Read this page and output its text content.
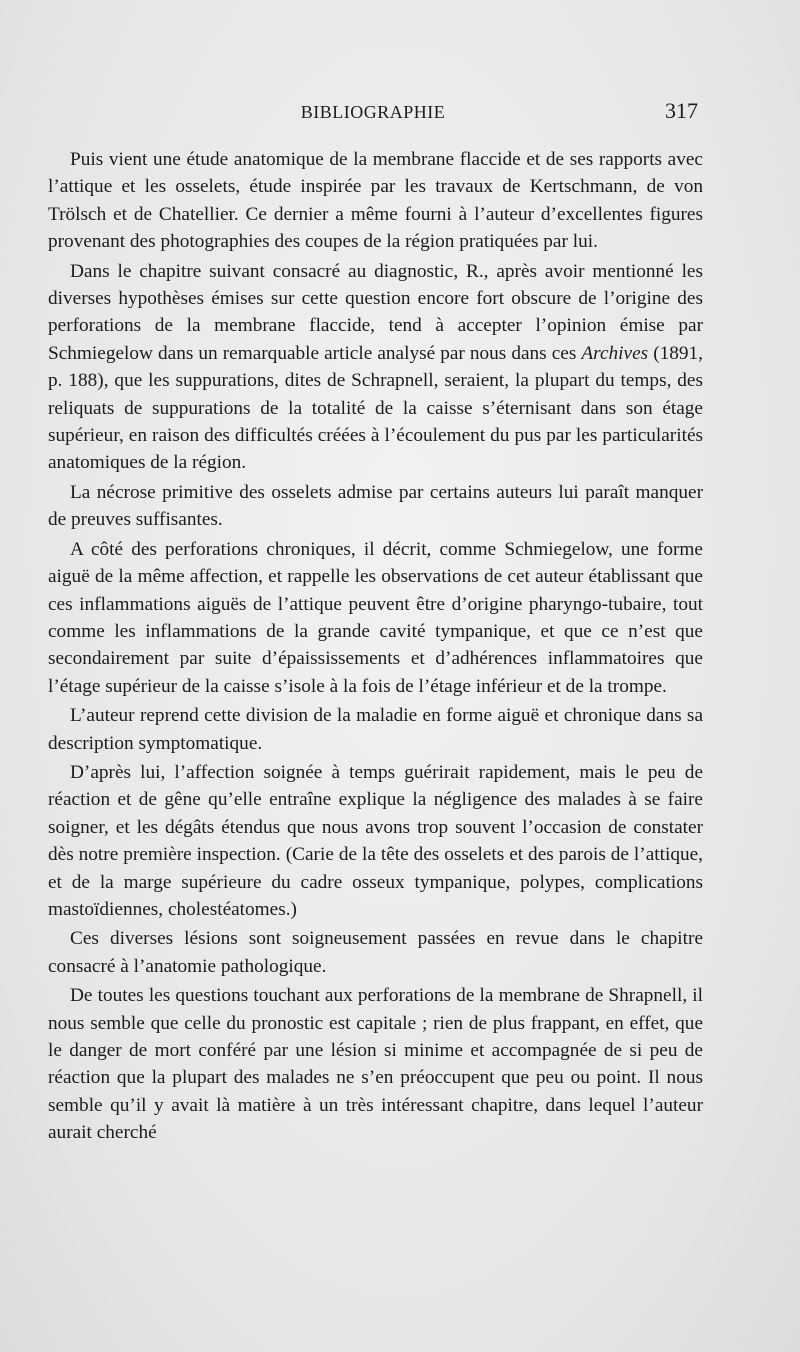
BIBLIOGRAPHIE	317

Puis vient une étude anatomique de la membrane flaccide et de ses rapports avec l’attique et les osselets, étude inspirée par les travaux de Kertschmann, de von Trölsch et de Chatellier. Ce dernier a même fourni à l’auteur d’excellentes figures provenant des photographies des coupes de la région pratiquées par lui.

Dans le chapitre suivant consacré au diagnostic, R., après avoir mentionné les diverses hypothèses émises sur cette question encore fort obscure de l’origine des perforations de la membrane flaccide, tend à accepter l’opinion émise par Schmiegelow dans un remarquable article analysé par nous dans ces Archives (1891, p. 188), que les suppurations, dites de Schrapnell, seraient, la plupart du temps, des reliquats de suppurations de la totalité de la caisse s’éternisant dans son étage supérieur, en raison des difficultés créées à l’écoulement du pus par les particularités anatomiques de la région.

La nécrose primitive des osselets admise par certains auteurs lui paraît manquer de preuves suffisantes.

A côté des perforations chroniques, il décrit, comme Schmiegelow, une forme aiguë de la même affection, et rappelle les observations de cet auteur établissant que ces inflammations aiguës de l’attique peuvent être d’origine pharyngo-tubaire, tout comme les inflammations de la grande cavité tympanique, et que ce n’est que secondairement par suite d’épaississements et d’adhérences inflammatoires que l’étage supérieur de la caisse s’isole à la fois de l’étage inférieur et de la trompe.

L’auteur reprend cette division de la maladie en forme aiguë et chronique dans sa description symptomatique.

D’après lui, l’affection soignée à temps guérirait rapidement, mais le peu de réaction et de gêne qu’elle entraîne explique la négligence des malades à se faire soigner, et les dégâts étendus que nous avons trop souvent l’occasion de constater dès notre première inspection. (Carie de la tête des osselets et des parois de l’attique, et de la marge supérieure du cadre osseux tympanique, polypes, complications mastoïdiennes, cholestéatomes.)

Ces diverses lésions sont soigneusement passées en revue dans le chapitre consacré à l’anatomie pathologique.

De toutes les questions touchant aux perforations de la membrane de Shrapnell, il nous semble que celle du pronostic est capitale ; rien de plus frappant, en effet, que le danger de mort conféré par une lésion si minime et accompagnée de si peu de réaction que la plupart des malades ne s’en préoccupent que peu ou point. Il nous semble qu’il y avait là matière à un très intéressant chapitre, dans lequel l’auteur aurait cherché
